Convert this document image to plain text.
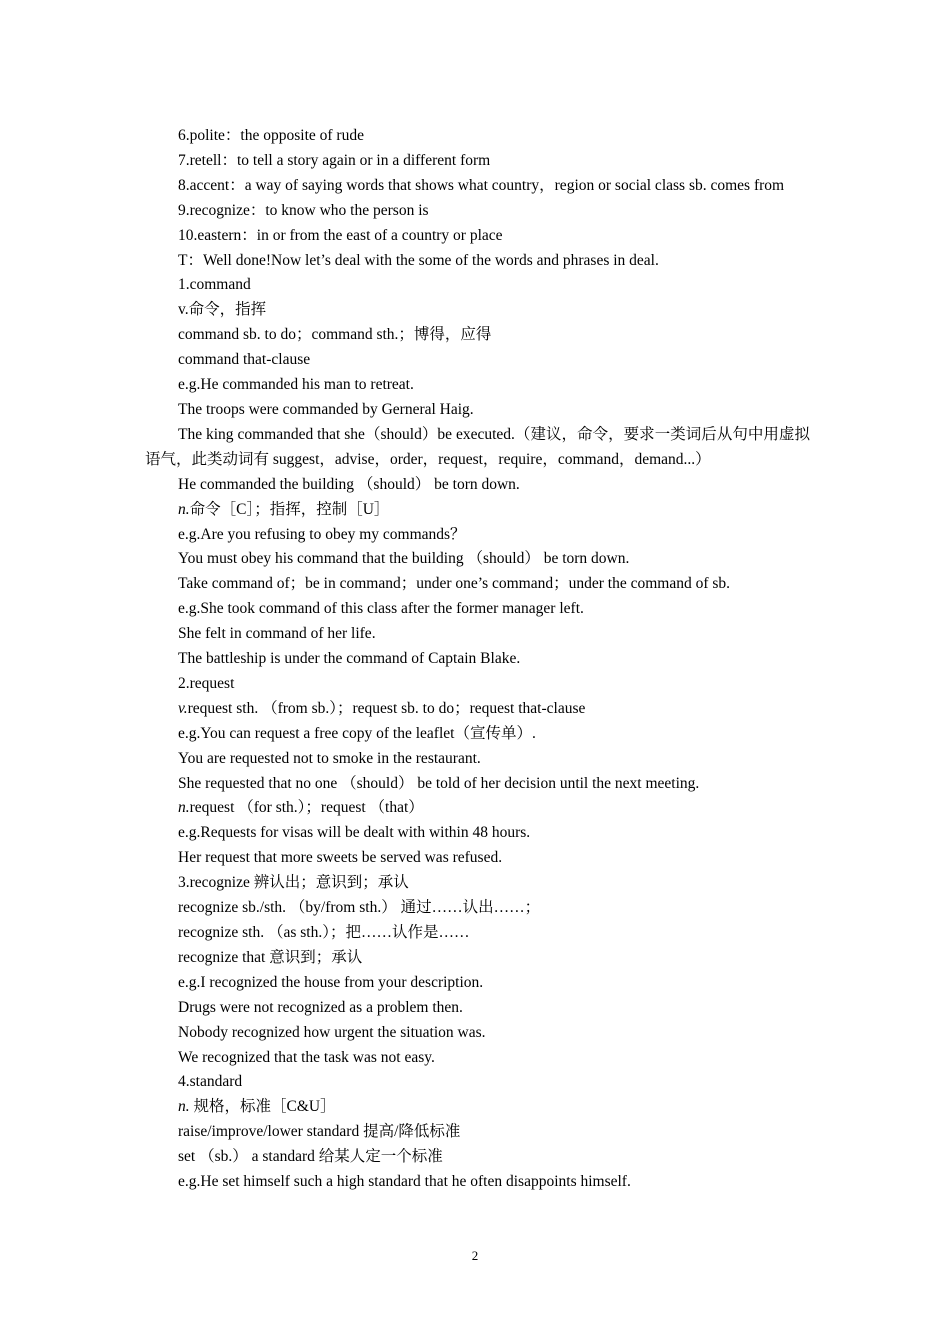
6.polite：the opposite of rude
7.retell：to tell a story again or in a different form
8.accent：a way of saying words that shows what country，region or social class sb. comes from
9.recognize：to know who the person is
10.eastern：in or from the east of a country or place
T：Well done!Now let’s deal with the some of the words and phrases in deal.
1.command
v.命令，指挥
command sb. to do；command sth.；博得，应得
command that-clause
e.g.He commanded his man to retreat.
The troops were commanded by Gerneral Haig.
The king commanded that she（should）be executed.（建议，命令，要求一类词后从句中用虚拟语气，此类动词有 suggest，advise，order，request，require，command，demand...）
He commanded the building （should） be torn down.
n.命令［C］；指挥，控制［U］
e.g.Are you refusing to obey my commands？
You must obey his command that the building （should） be torn down.
Take command of；be in command；under one’s command；under the command of sb.
e.g.She took command of this class after the former manager left.
She felt in command of her life.
The battleship is under the command of Captain Blake.
2.request
v.request sth. （from sb.）；request sb. to do；request that-clause
e.g.You can request a free copy of the leaflet（宣传单）.
You are requested not to smoke in the restaurant.
She requested that no one （should） be told of her decision until the next meeting.
n.request （for sth.）；request （that）
e.g.Requests for visas will be dealt with within 48 hours.
Her request that more sweets be served was refused.
3.recognize 辨认出；意识到；承认
recognize sb./sth. （by/from sth.） 通过……认出……；
recognize sth. （as sth.）；把……认作是……
recognize that 意识到；承认
e.g.I recognized the house from your description.
Drugs were not recognized as a problem then.
Nobody recognized how urgent the situation was.
We recognized that the task was not easy.
4.standard
n. 规格，标准［C&U］
raise/improve/lower standard 提高/降低标准
set （sb.） a standard 给某人定一个标准
e.g.He set himself such a high standard that he often disappoints himself.
2
